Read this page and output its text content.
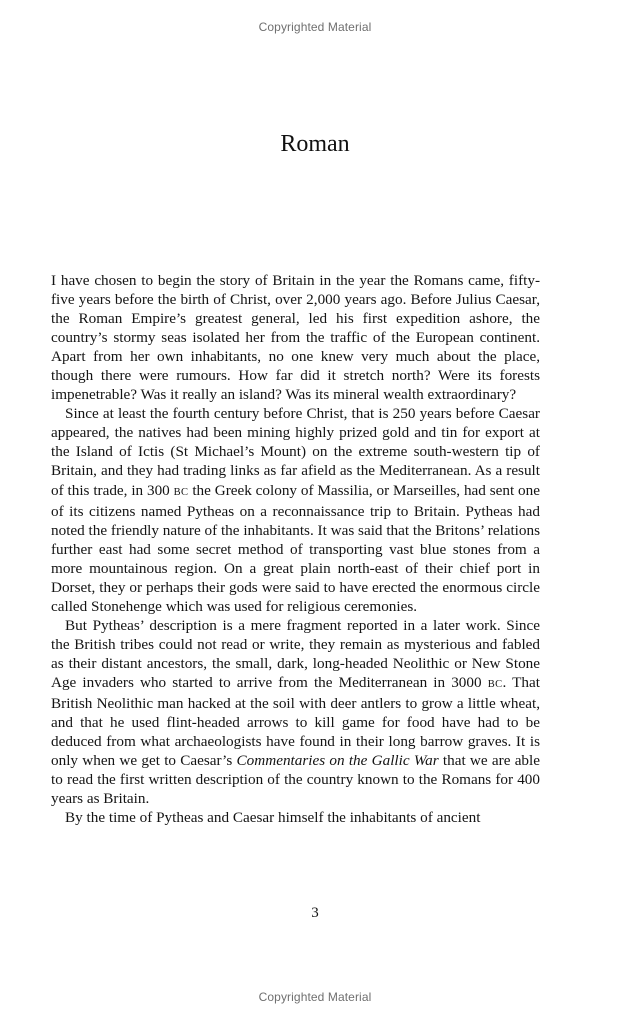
Copyrighted Material
Roman

I have chosen to begin the story of Britain in the year the Romans came, fifty-five years before the birth of Christ, over 2,000 years ago. Before Julius Caesar, the Roman Empire’s greatest general, led his first expedition ashore, the country’s stormy seas isolated her from the traffic of the European continent. Apart from her own inhabitants, no one knew very much about the place, though there were rumours. How far did it stretch north? Were its forests impenetrable? Was it really an island? Was its mineral wealth extraordinary?

Since at least the fourth century before Christ, that is 250 years before Caesar appeared, the natives had been mining highly prized gold and tin for export at the Island of Ictis (St Michael’s Mount) on the extreme south-western tip of Britain, and they had trading links as far afield as the Mediterranean. As a result of this trade, in 300 BC the Greek colony of Massilia, or Marseilles, had sent one of its citizens named Pytheas on a reconnaissance trip to Britain. Pytheas had noted the friendly nature of the inhabitants. It was said that the Britons’ relations further east had some secret method of transporting vast blue stones from a more mountainous region. On a great plain north-east of their chief port in Dorset, they or perhaps their gods were said to have erected the enormous circle called Stonehenge which was used for religious ceremonies.

But Pytheas’ description is a mere fragment reported in a later work. Since the British tribes could not read or write, they remain as mysterious and fabled as their distant ancestors, the small, dark, long-headed Neolithic or New Stone Age invaders who started to arrive from the Mediterranean in 3000 BC. That British Neolithic man hacked at the soil with deer antlers to grow a little wheat, and that he used flint-headed arrows to kill game for food have had to be deduced from what archaeologists have found in their long barrow graves. It is only when we get to Caesar’s Commentaries on the Gallic War that we are able to read the first written description of the country known to the Romans for 400 years as Britain.

By the time of Pytheas and Caesar himself the inhabitants of ancient

3
Copyrighted Material
